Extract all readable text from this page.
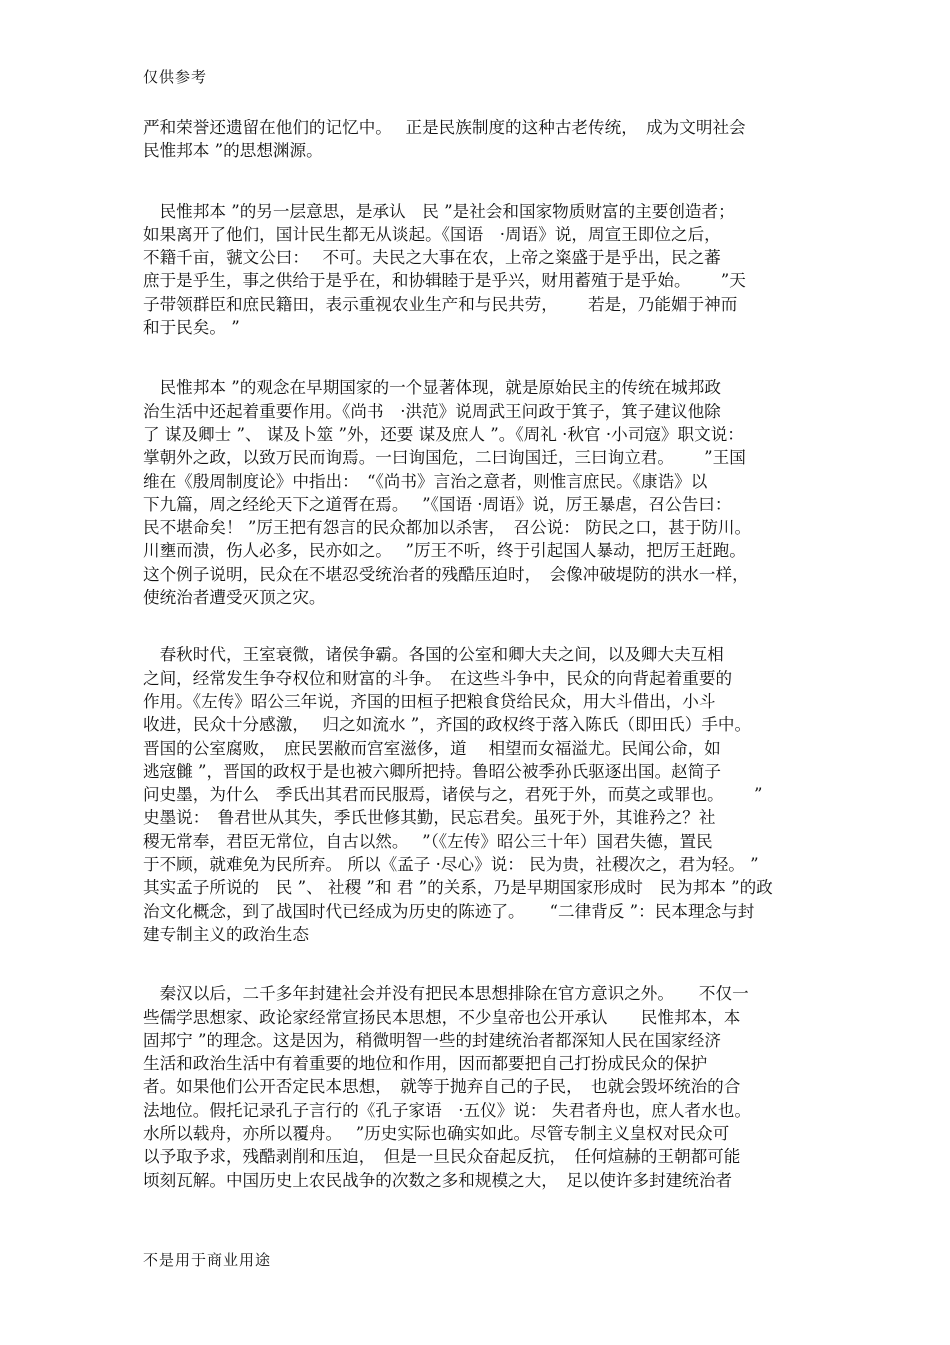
仅供参考
严和荣誉还遗留在他们的记忆中。　 正是民族制度的这种古老传统，　成为文明社会
民惟邦本 ”的思想渊源。
　民惟邦本 ”的另一层意思，是承认　民 ”是社会和国家物质财富的主要创造者；
如果离开了他们，国计民生都无从谈起。《国语　·周语》说，周宣王即位之后，
不籍千亩，虢文公曰：　 不可。夫民之大事在农，上帝之粢盛于是乎出，民之蕃
庶于是乎生，事之供给于是乎在，和协辑睦于是乎兴，财用蓄殖于是乎始。　　 ”天
子带领群臣和庶民籍田，表示重视农业生产和与民共劳，　　 若是，乃能媚于神而
和于民矣。 ”
　民惟邦本 ”的观念在早期国家的一个显著体现，就是原始民主的传统在城邦政
治生活中还起着重要作用。《尚书　·洪范》说周武王问政于箕子，箕子建议他除
了 谋及卿士 ”、 谋及卜筮 ”外，还要 谋及庶人 ”。《周礼 ·秋官 ·小司寇》职文说：
掌朝外之政，以致万民而询焉。一曰询国危，二曰询国迁，三曰询立君。　　 ”王国
维在《殷周制度论》中指出：　“《尚书》言治之意者，则惟言庶民。《康诰》以
下九篇，周之经纶天下之道胥在焉。　 ”《国语 ·周语》说，厉王暴虐，召公告曰：
民不堪命矣！ ”厉王把有怨言的民众都加以杀害，　召公说： 防民之口，甚于防川。
川壅而溃，伤人必多，民亦如之。　 ”厉王不听，终于引起国人暴动，把厉王赶跑。
这个例子说明，民众在不堪忍受统治者的残酷压迫时，　会像冲破堤防的洪水一样，
使统治者遭受灭顶之灾。
　春秋时代，王室衰微，诸侯争霸。各国的公室和卿大夫之间，以及卿大夫互相
之间，经常发生争夺权位和财富的斗争。　在这些斗争中，民众的向背起着重要的
作用。《左传》昭公三年说，齐国的田桓子把粮食贷给民众，用大斗借出，小斗
收进，民众十分感激，　 归之如流水 ”，齐国的政权终于落入陈氏（即田氏）手中。
晋国的公室腐败，　庶民罢敝而宫室滋侈，道　 相望而女福溢尤。民闻公命，如
逃寇雠 ”，晋国的政权于是也被六卿所把持。鲁昭公被季孙氏驱逐出国。赵简子
问史墨，为什么　季氏出其君而民服焉，诸侯与之，君死于外，而莫之或罪也。　　 ”
史墨说：　鲁君世从其失，季氏世修其勤，民忘君矣。虽死于外，其谁矜之？社
稷无常奉，君臣无常位，自古以然。　 ”（《左传》昭公三十年）国君失德，置民
于不顾，就难免为民所弃。 所以《孟子 ·尽心》说： 民为贵，社稷次之，君为轻。 ”
其实孟子所说的　民 ”、 社稷 ”和 君 ”的关系，乃是早期国家形成时　民为邦本 ”的政
治文化概念，到了战国时代已经成为历史的陈迹了。　　“二律背反 ”：民本理念与封
建专制主义的政治生态
　秦汉以后，二千多年封建社会并没有把民本思想排除在官方意识之外。　　不仅一
些儒学思想家、政论家经常宣扬民本思想，不少皇帝也公开承认　　民惟邦本，本
固邦宁 ”的理念。这是因为，稍微明智一些的封建统治者都深知人民在国家经济
生活和政治生活中有着重要的地位和作用，因而都要把自己打扮成民众的保护
者。如果他们公开否定民本思想，　就等于抛弃自己的子民，　也就会毁坏统治的合
法地位。假托记录孔子言行的《孔子家语　·五仪》说： 失君者舟也，庶人者水也。
水所以载舟，亦所以覆舟。　 ”历史实际也确实如此。尽管专制主义皇权对民众可
以予取予求，残酷剥削和压迫，　但是一旦民众奋起反抗，　任何煊赫的王朝都可能
顷刻瓦解。中国历史上农民战争的次数之多和规模之大，　足以使许多封建统治者
不是用于商业用途
